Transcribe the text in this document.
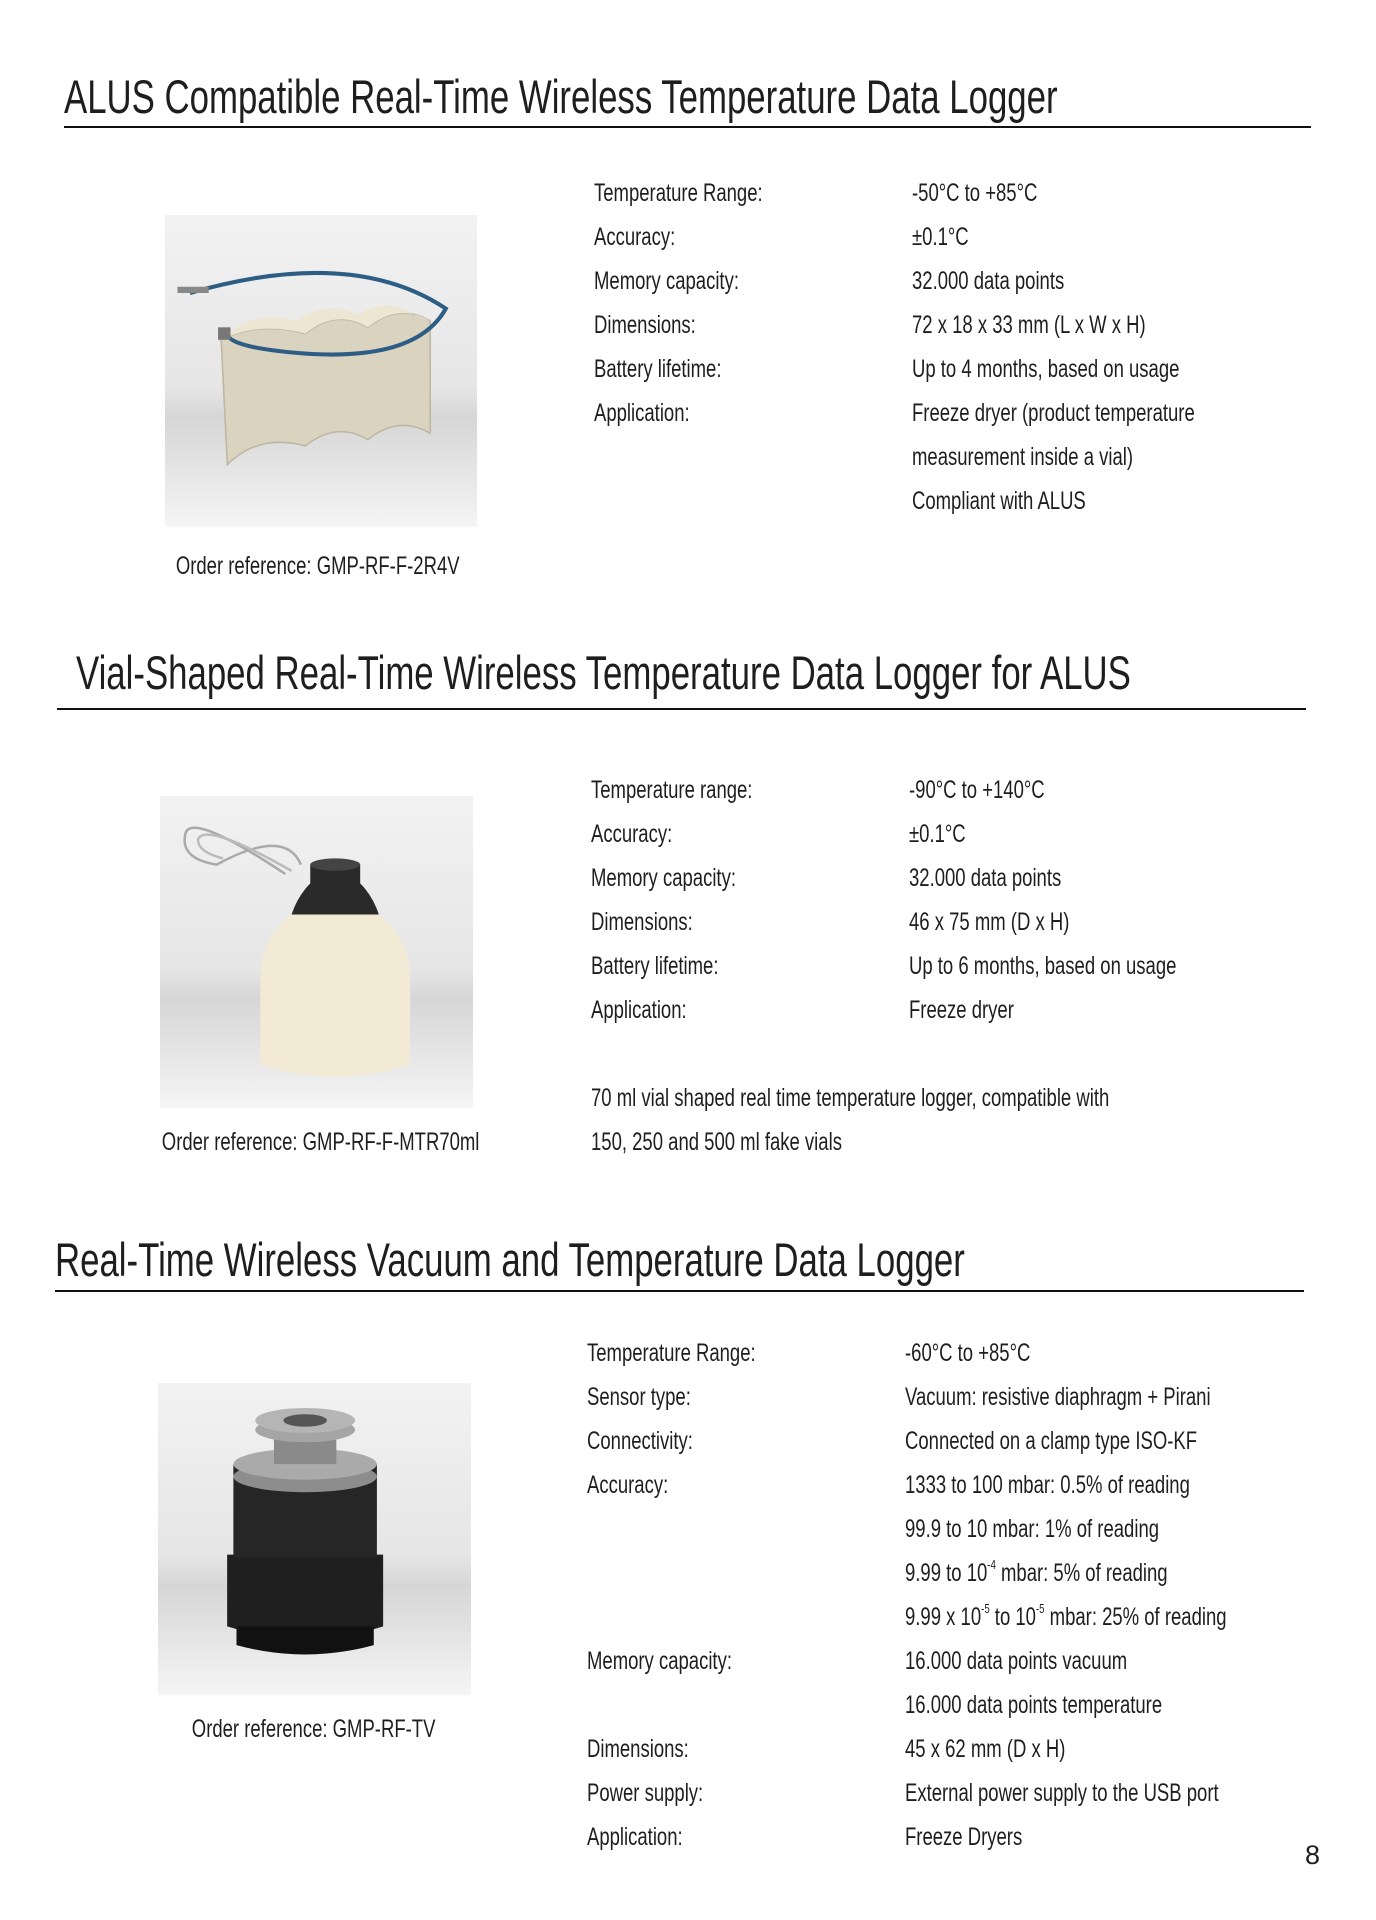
ALUS Compatible Real-Time Wireless Temperature Data Logger
Order reference: GMP-RF-F-2R4V
Temperature Range:	-50°C to +85°C
Accuracy:	±0.1°C
Memory capacity:	32.000 data points
Dimensions:	72 x 18 x 33 mm (L x W x H)
Battery lifetime:	Up to 4 months, based on usage
Application:	Freeze dryer (product temperature
measurement inside a vial)
Compliant with ALUS
Vial-Shaped Real-Time Wireless Temperature Data Logger for ALUS
Order reference: GMP-RF-F-MTR70ml
Temperature range:	-90°C to +140°C
Accuracy:	±0.1°C
Memory capacity:	32.000 data points
Dimensions:	46 x 75 mm (D x H)
Battery lifetime:	Up to 6 months, based on usage
Application:	Freeze dryer
70 ml vial shaped real time temperature logger, compatible with
150, 250 and 500 ml fake vials
Real-Time Wireless Vacuum and Temperature Data Logger
Order reference: GMP-RF-TV
Temperature Range:	-60°C to +85°C
Sensor type:	Vacuum: resistive diaphragm + Pirani
Connectivity:	Connected on a clamp type ISO-KF
Accuracy:	1333 to 100 mbar: 0.5% of reading
99.9 to 10 mbar: 1% of reading
9.99 to $10^{-4}$ mbar: 5% of reading
9.99 x $10^{-5}$ to $10^{-5}$ mbar: 25% of reading
Memory capacity:	16.000 data points vacuum
16.000 data points temperature
Dimensions:	45 x 62 mm (D x H)
Power supply:	External power supply to the USB port
Application:	Freeze Dryers
8
